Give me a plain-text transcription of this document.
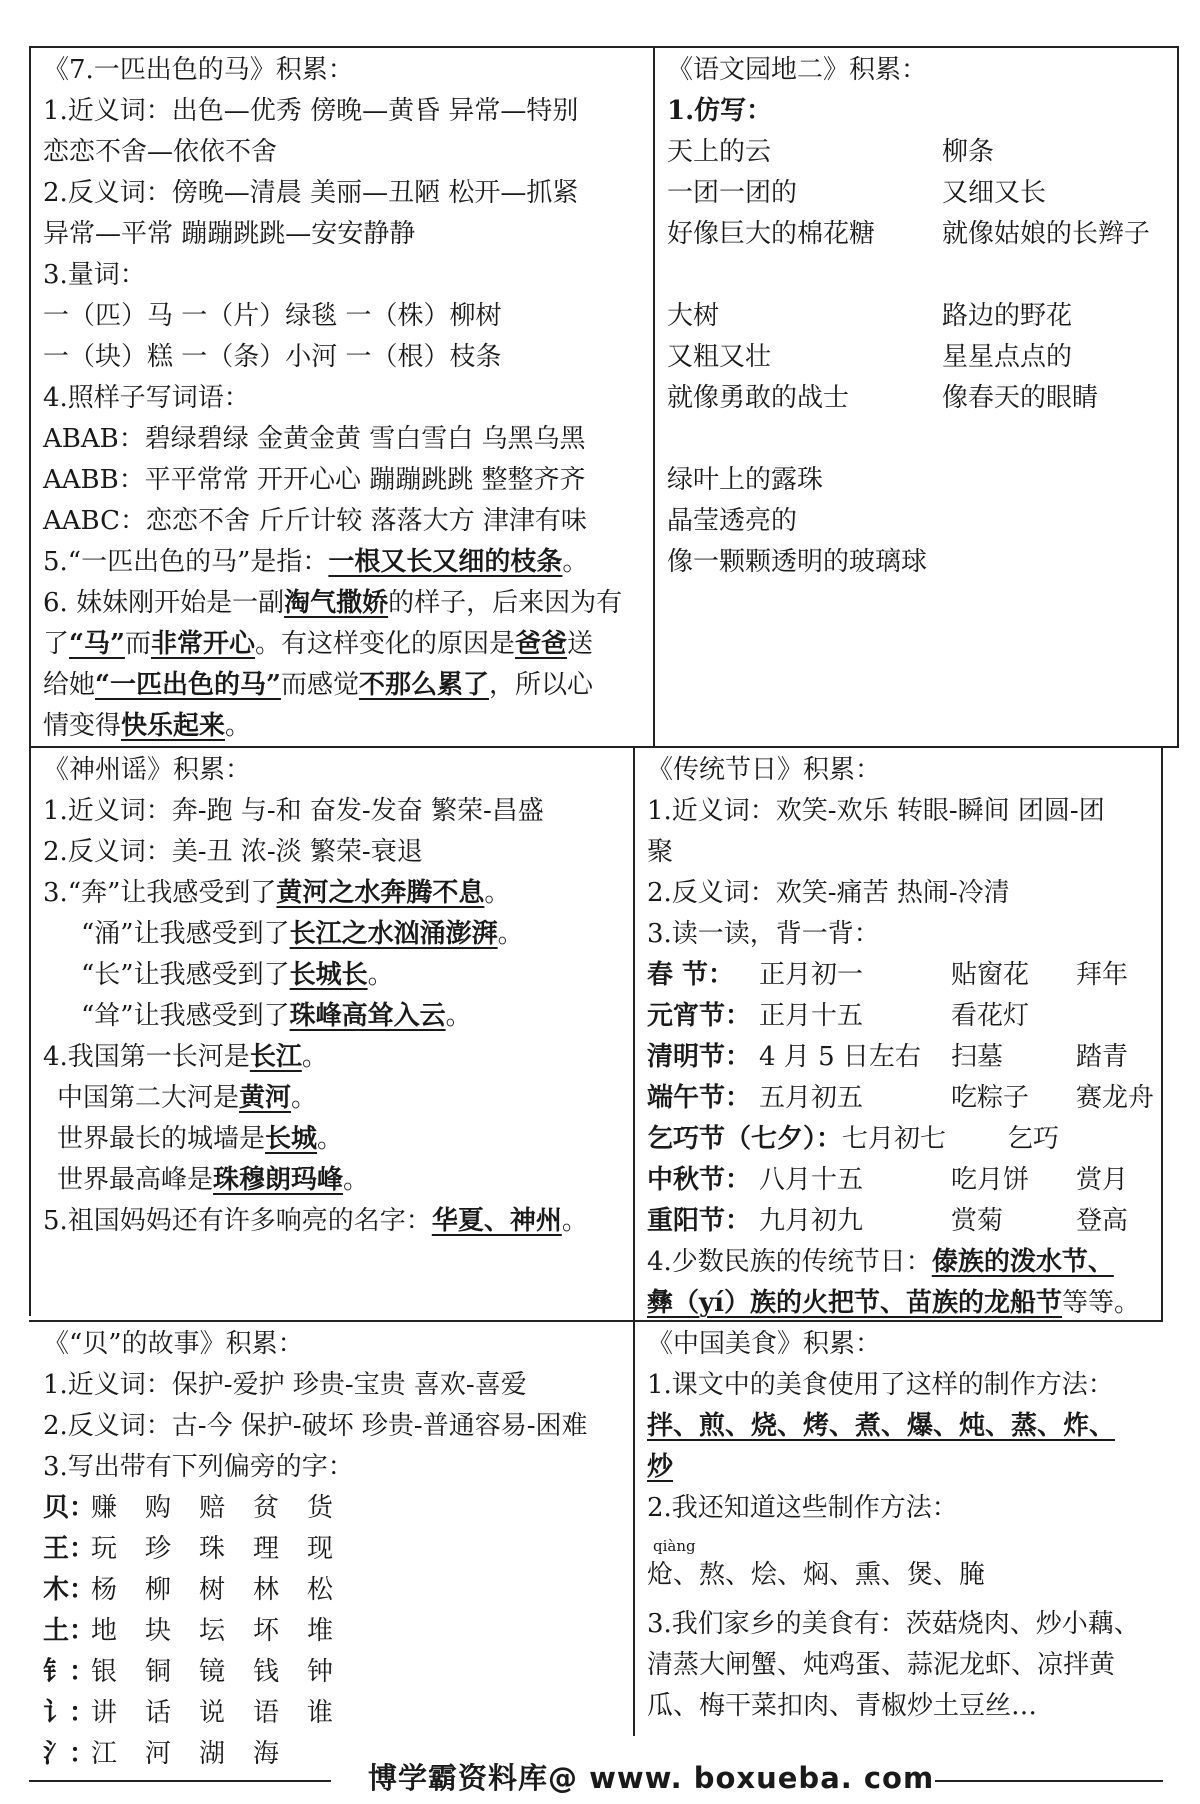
《7.一匹出色的马》积累：
1.近义词：出色—优秀 傍晚—黄昏 异常—特别
恋恋不舍—依依不舍
2.反义词：傍晚—清晨 美丽—丑陋 松开—抓紧
异常—平常 蹦蹦跳跳—安安静静
3.量词：
一（匹）马 一（片）绿毯 一（株）柳树
一（块）糕 一（条）小河 一（根）枝条
4.照样子写词语：
ABAB：碧绿碧绿 金黄金黄 雪白雪白 乌黑乌黑
AABB：平平常常 开开心心 蹦蹦跳跳 整整齐齐
AABC：恋恋不舍 斤斤计较 落落大方 津津有味
5.“一匹出色的马”是指：一根又长又细的枝条。
6. 妹妹刚开始是一副淘气撒娇的样子，后来因为有
了“马”而非常开心。有这样变化的原因是爸爸送
给她“一匹出色的马”而感觉不那么累了，所以心
情变得快乐起来。
《语文园地二》积累：
1.仿写：
天上的云	柳条
一团一团的	又细又长
好像巨大的棉花糖	就像姑娘的长辫子
大树	路边的野花
又粗又壮	星星点点的
就像勇敢的战士	像春天的眼睛
绿叶上的露珠
晶莹透亮的
像一颗颗透明的玻璃球
《神州谣》积累：
1.近义词：奔-跑 与-和 奋发-发奋 繁荣-昌盛
2.反义词：美-丑 浓-淡 繁荣-衰退
3.“奔”让我感受到了黄河之水奔腾不息。
“涌”让我感受到了长江之水汹涌澎湃。
“长”让我感受到了长城长。
“耸”让我感受到了珠峰高耸入云。
4.我国第一长河是长江。
中国第二大河是黄河。
世界最长的城墙是长城。
世界最高峰是珠穆朗玛峰。
5.祖国妈妈还有许多响亮的名字：华夏、神州。
《传统节日》积累：
1.近义词：欢笑-欢乐 转眼-瞬间 团圆-团
聚
2.反义词：欢笑-痛苦 热闹-冷清
3.读一读，背一背：
春 节： 正月初一	贴窗花 拜年
元宵节： 正月十五	看花灯
清明节： 4 月 5 日左右 扫墓	踏青
端午节： 五月初五	吃粽子 赛龙舟
乞巧节（七夕）：七月初七 乞巧
中秋节： 八月十五	吃月饼 赏月
重阳节： 九月初九	赏菊	登高
4.少数民族的传统节日：傣族的泼水节、
彝（yí）族的火把节、苗族的龙船节等等。
《“贝”的故事》积累：
1.近义词：保护-爱护 珍贵-宝贵 喜欢-喜爱
2.反义词：古-今 保护-破坏 珍贵-普通容易-困难
3.写出带有下列偏旁的字：
贝：赚 购 赔 贫 货
王：玩 珍 珠 理 现
木：杨 柳 树 林 松
土：地 块 坛 坏 堆
钅：银 铜 镜 钱 钟
讠：讲 话 说 语 谁
氵：江 河 湖 海
《中国美食》积累：
1.课文中的美食使用了这样的制作方法：
拌、煎、烧、烤、煮、爆、炖、蒸、炸、
炒
2.我还知道这些制作方法：
qiàng
炝、熬、烩、焖、熏、煲、腌
3.我们家乡的美食有：茨菇烧肉、炒小藕、
清蒸大闸蟹、炖鸡蛋、蒜泥龙虾、凉拌黄
瓜、梅干菜扣肉、青椒炒土豆丝…
博学霸资料库@ www. boxueba. com
